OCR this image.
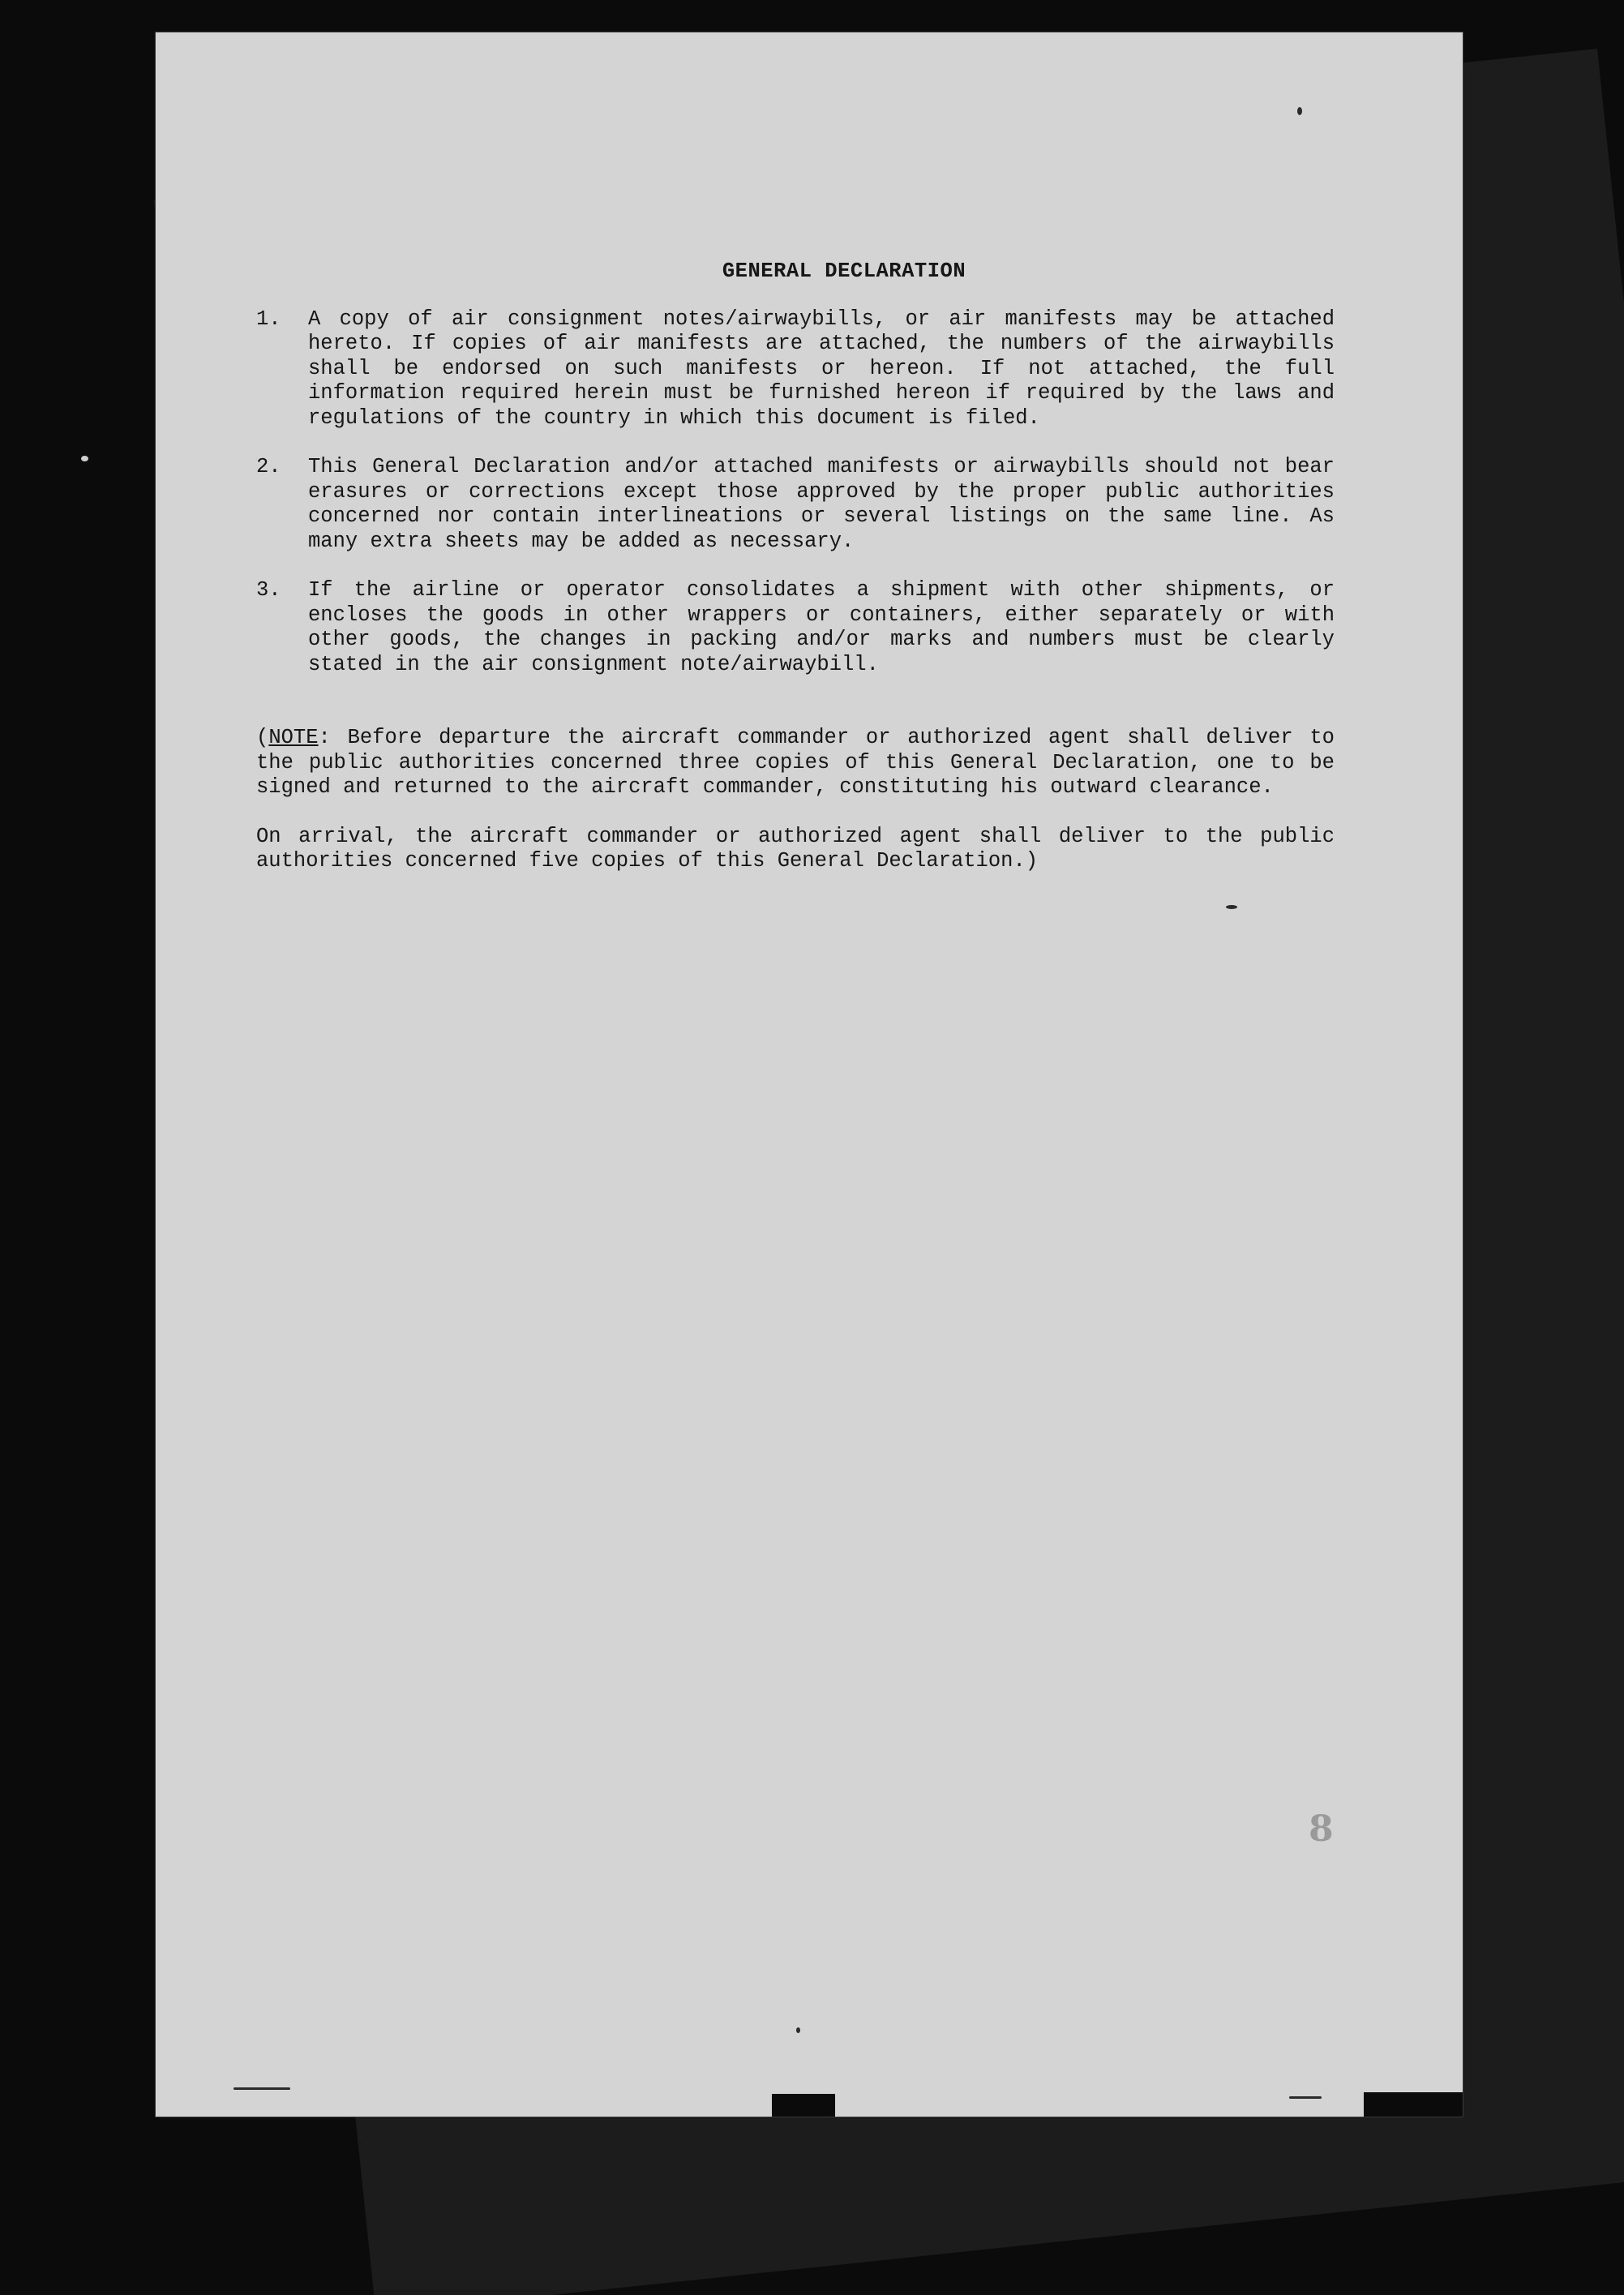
GENERAL DECLARATION
1. A copy of air consignment notes/airwaybills, or air manifests may be attached hereto. If copies of air manifests are attached, the numbers of the airwaybills shall be endorsed on such manifests or hereon. If not attached, the full information required herein must be furnished hereon if required by the laws and regulations of the country in which this document is filed.
2. This General Declaration and/or attached manifests or airwaybills should not bear erasures or corrections except those approved by the proper public authorities concerned nor contain interlineations or several listings on the same line. As many extra sheets may be added as necessary.
3. If the airline or operator consolidates a shipment with other shipments, or encloses the goods in other wrappers or containers, either separately or with other goods, the changes in packing and/or marks and numbers must be clearly stated in the air consignment note/airwaybill.
(NOTE: Before departure the aircraft commander or authorized agent shall deliver to the public authorities concerned three copies of this General Declaration, one to be signed and returned to the aircraft commander, constituting his outward clearance.
On arrival, the aircraft commander or authorized agent shall deliver to the public authorities concerned five copies of this General Declaration.)
8
